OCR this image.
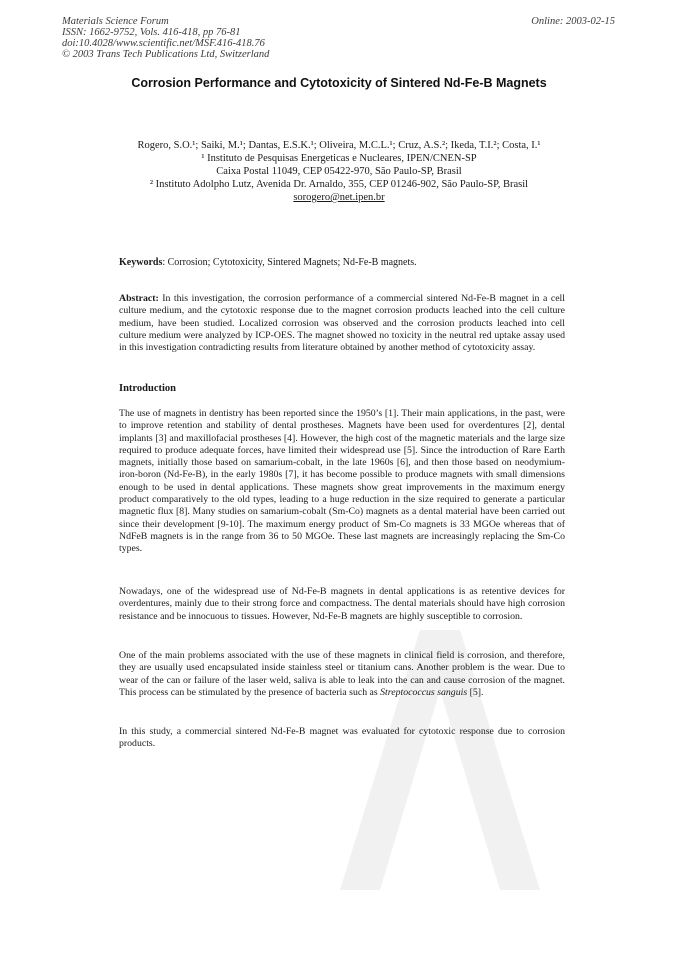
Materials Science Forum
ISSN: 1662-9752, Vols. 416-418, pp 76-81
doi:10.4028/www.scientific.net/MSF.416-418.76
© 2003 Trans Tech Publications Ltd, Switzerland
Online: 2003-02-15
Corrosion Performance and Cytotoxicity of Sintered Nd-Fe-B Magnets
Rogero, S.O.¹; Saiki, M.¹; Dantas, E.S.K.¹; Oliveira, M.C.L.¹; Cruz, A.S.²; Ikeda, T.I.²; Costa, I.¹
¹ Instituto de Pesquisas Energeticas e Nucleares, IPEN/CNEN-SP
Caixa Postal 11049, CEP 05422-970, São Paulo-SP, Brasil
² Instituto Adolpho Lutz, Avenida Dr. Arnaldo, 355, CEP 01246-902, São Paulo-SP, Brasil
sorogero@net.ipen.br
Keywords: Corrosion; Cytotoxicity, Sintered Magnets; Nd-Fe-B magnets.
Abstract: In this investigation, the corrosion performance of a commercial sintered Nd-Fe-B magnet in a cell culture medium, and the cytotoxic response due to the magnet corrosion products leached into the cell culture medium, have been studied. Localized corrosion was observed and the corrosion products leached into cell culture medium were analyzed by ICP-OES. The magnet showed no toxicity in the neutral red uptake assay used in this investigation contradicting results from literature obtained by another method of cytotoxicity assay.
Introduction
The use of magnets in dentistry has been reported since the 1950’s [1]. Their main applications, in the past, were to improve retention and stability of dental prostheses. Magnets have been used for overdentures [2], dental implants [3] and maxillofacial prostheses [4]. However, the high cost of the magnetic materials and the large size required to produce adequate forces, have limited their widespread use [5]. Since the introduction of Rare Earth magnets, initially those based on samarium-cobalt, in the late 1960s [6], and then those based on neodymium-iron-boron (Nd-Fe-B), in the early 1980s [7], it has become possible to produce magnets with small dimensions enough to be used in dental applications. These magnets show great improvements in the maximum energy product comparatively to the old types, leading to a huge reduction in the size required to generate a particular magnetic flux [8]. Many studies on samarium-cobalt (Sm-Co) magnets as a dental material have been carried out since their development [9-10]. The maximum energy product of Sm-Co magnets is 33 MGOe whereas that of NdFeB magnets is in the range from 36 to 50 MGOe. These last magnets are increasingly replacing the Sm-Co types.
Nowadays, one of the widespread use of Nd-Fe-B magnets in dental applications is as retentive devices for overdentures, mainly due to their strong force and compactness. The dental materials should have high corrosion resistance and be innocuous to tissues. However, Nd-Fe-B magnets are highly susceptible to corrosion.
One of the main problems associated with the use of these magnets in clinical field is corrosion, and therefore, they are usually used encapsulated inside stainless steel or titanium cans. Another problem is the wear. Due to wear of the can or failure of the laser weld, saliva is able to leak into the can and cause corrosion of the magnet. This process can be stimulated by the presence of bacteria such as Streptococcus sanguis [5].
In this study, a commercial sintered Nd-Fe-B magnet was evaluated for cytotoxic response due to corrosion products.
